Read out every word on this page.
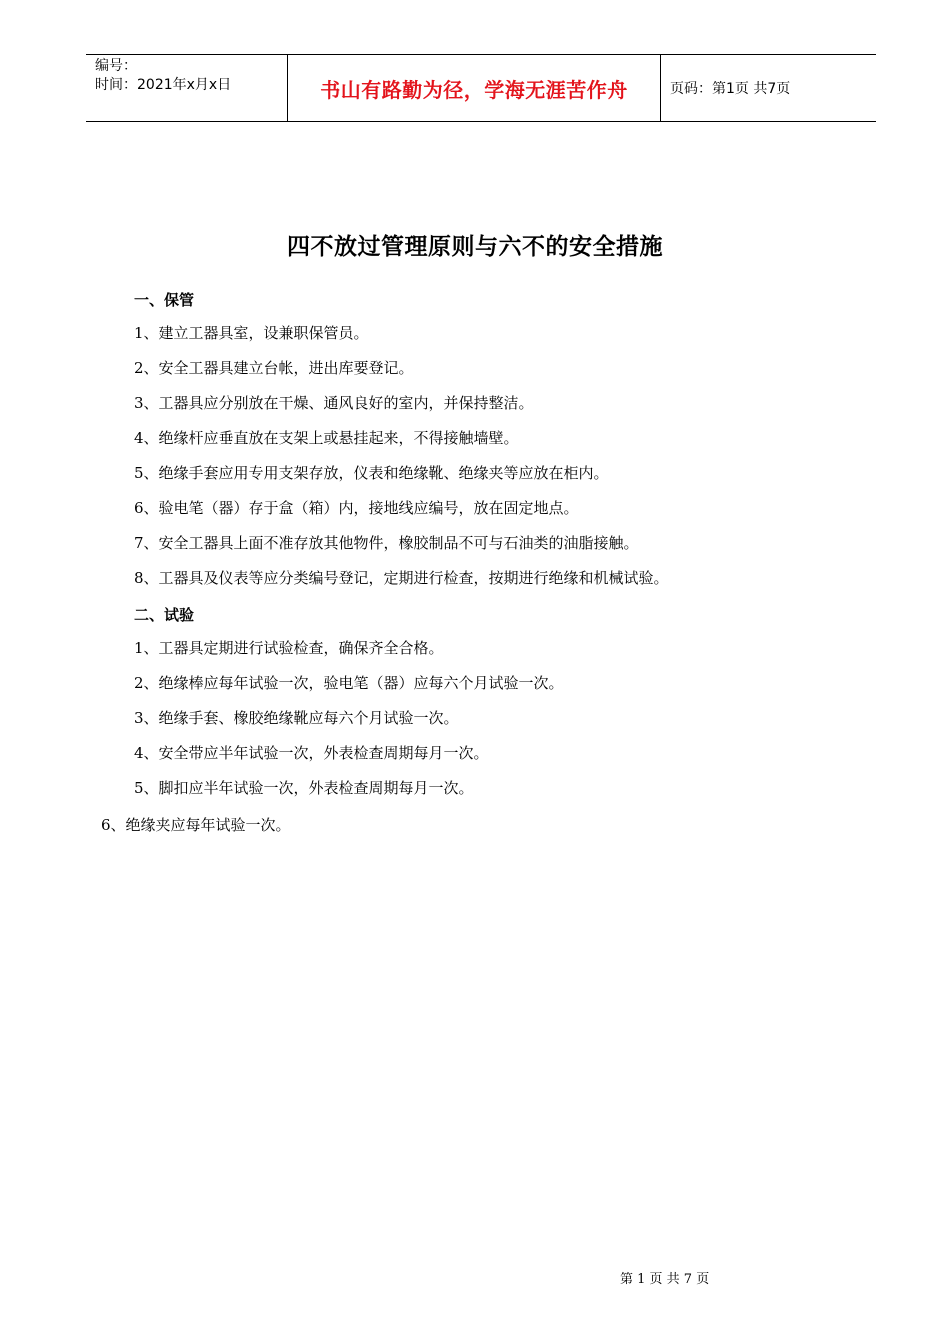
编号：
时间：2021年x月x日	书山有路勤为径，学海无涯苦作舟	页码：第1页 共7页
四不放过管理原则与六不的安全措施
一、保管
1、建立工器具室，设兼职保管员。
2、安全工器具建立台帐，进出库要登记。
3、工器具应分别放在干燥、通风良好的室内，并保持整洁。
4、绝缘杆应垂直放在支架上或悬挂起来，不得接触墙壁。
5、绝缘手套应用专用支架存放，仪表和绝缘靴、绝缘夹等应放在柜内。
6、验电笔（器）存于盒（箱）内，接地线应编号，放在固定地点。
7、安全工器具上面不准存放其他物件，橡胶制品不可与石油类的油脂接触。
8、工器具及仪表等应分类编号登记，定期进行检查，按期进行绝缘和机械试验。
二、试验
1、工器具定期进行试验检查，确保齐全合格。
2、绝缘棒应每年试验一次，验电笔（器）应每六个月试验一次。
3、绝缘手套、橡胶绝缘靴应每六个月试验一次。
4、安全带应半年试验一次，外表检查周期每月一次。
5、脚扣应半年试验一次，外表检查周期每月一次。
6、绝缘夹应每年试验一次。
第 1 页 共 7 页
